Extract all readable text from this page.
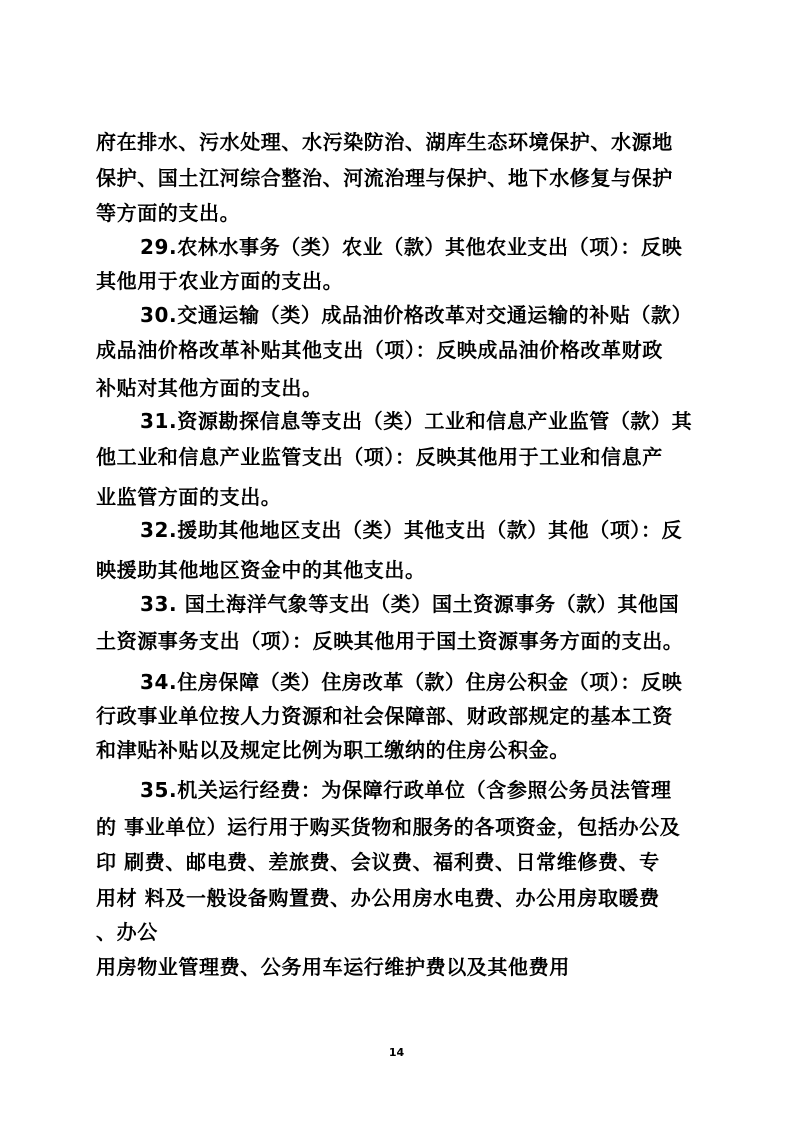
府在排水、污水处理、水污染防治、湖库生态环境保护、水源地
保护、国土江河综合整治、河流治理与保护、地下水修复与保护
等方面的支出。
29.农林水事务（类）农业（款）其他农业支出（项）：反映
其他用于农业方面的支出。
30.交通运输（类）成品油价格改革对交通运输的补贴（款）
成品油价格改革补贴其他支出（项）：反映成品油价格改革财政
补贴对其他方面的支出。
31.资源勘探信息等支出（类）工业和信息产业监管（款）其
他工业和信息产业监管支出（项）：反映其他用于工业和信息产
业监管方面的支出。
32.援助其他地区支出（类）其他支出（款）其他（项）：反
映援助其他地区资金中的其他支出。
33. 国土海洋气象等支出（类）国土资源事务（款）其他国
土资源事务支出（项）：反映其他用于国土资源事务方面的支出。
34.住房保障（类）住房改革（款）住房公积金（项）：反映
行政事业单位按人力资源和社会保障部、财政部规定的基本工资
和津贴补贴以及规定比例为职工缴纳的住房公积金。
35.机关运行经费：为保障行政单位（含参照公务员法管理
的 事业单位）运行用于购买货物和服务的各项资金，包括办公及
印 刷费、邮电费、差旅费、会议费、福利费、日常维修费、专
用材 料及一般设备购置费、办公用房水电费、办公用房取暖费
、办公
用房物业管理费、公务用车运行维护费以及其他费用
14
